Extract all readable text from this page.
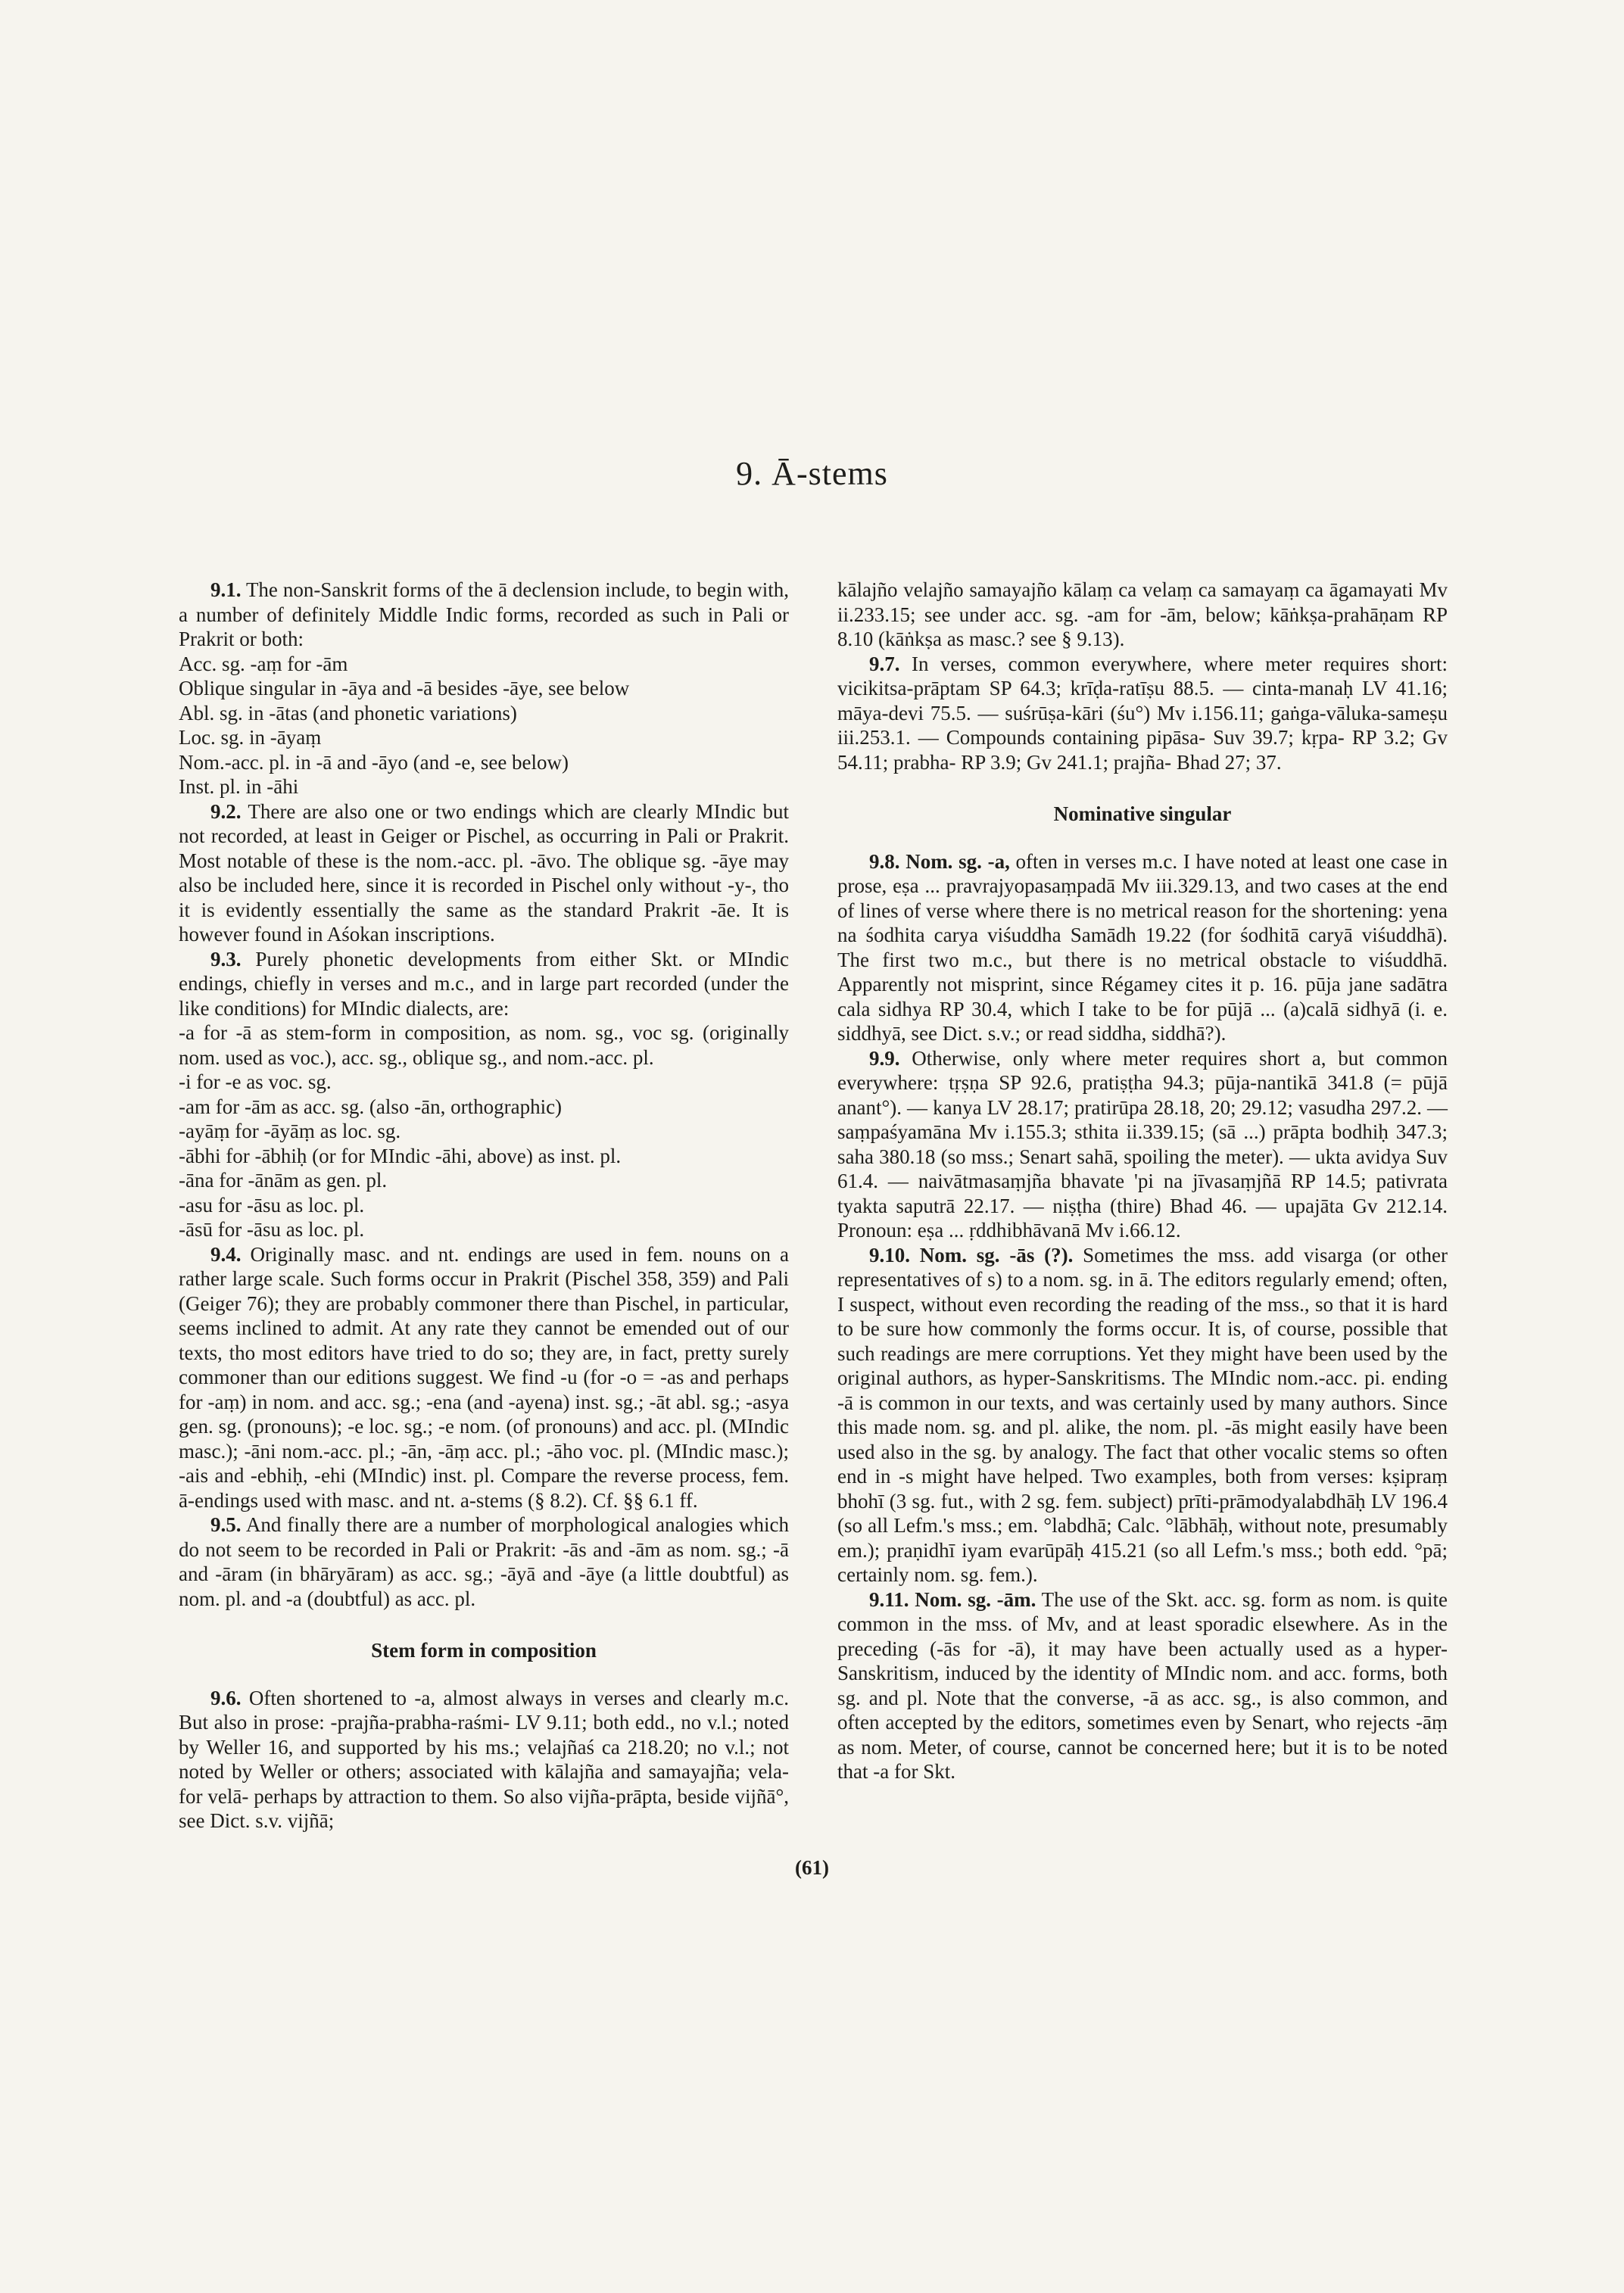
9. Ā-stems

9.1. The non-Sanskrit forms of the ā declension include, to begin with, a number of definitely Middle Indic forms, recorded as such in Pali or Prakrit or both:

Acc. sg. -aṃ for -ām

Oblique singular in -āya and -ā besides -āye, see below

Abl. sg. in -ātas (and phonetic variations)

Loc. sg. in -āyaṃ

Nom.-acc. pl. in -ā and -āyo (and -e, see below)

Inst. pl. in -āhi

9.2. There are also one or two endings which are clearly MIndic but not recorded, at least in Geiger or Pischel, as occurring in Pali or Prakrit. Most notable of these is the nom.-acc. pl. -āvo. The oblique sg. -āye may also be included here, since it is recorded in Pischel only without -y-, tho it is evidently essentially the same as the standard Prakrit -āe. It is however found in Aśokan inscriptions.

9.3. Purely phonetic developments from either Skt. or MIndic endings, chiefly in verses and m.c., and in large part recorded (under the like conditions) for MIndic dialects, are:

-a for -ā as stem-form in composition, as nom. sg., voc sg. (originally nom. used as voc.), acc. sg., oblique sg., and nom.-acc. pl.

-i for -e as voc. sg.

-am for -ām as acc. sg. (also -ān, orthographic)

-ayāṃ for -āyāṃ as loc. sg.

-ābhi for -ābhiḥ (or for MIndic -āhi, above) as inst. pl.

-āna for -ānām as gen. pl.

-asu for -āsu as loc. pl.

-āsū for -āsu as loc. pl.

9.4. Originally masc. and nt. endings are used in fem. nouns on a rather large scale. Such forms occur in Prakrit (Pischel 358, 359) and Pali (Geiger 76); they are probably commoner there than Pischel, in particular, seems inclined to admit. At any rate they cannot be emended out of our texts, tho most editors have tried to do so; they are, in fact, pretty surely commoner than our editions suggest. We find -u (for -o = -as and perhaps for -aṃ) in nom. and acc. sg.; -ena (and -ayena) inst. sg.; -āt abl. sg.; -asya gen. sg. (pronouns); -e loc. sg.; -e nom. (of pronouns) and acc. pl. (MIndic masc.); -āni nom.-acc. pl.; -ān, -āṃ acc. pl.; -āho voc. pl. (MIndic masc.); -ais and -ebhiḥ, -ehi (MIndic) inst. pl. Compare the reverse process, fem. ā-endings used with masc. and nt. a-stems (§ 8.2). Cf. §§ 6.1 ff.

9.5. And finally there are a number of morphological analogies which do not seem to be recorded in Pali or Prakrit: -ās and -ām as nom. sg.; -ā and -āram (in bhāryāram) as acc. sg.; -āyā and -āye (a little doubtful) as nom. pl. and -a (doubtful) as acc. pl.

Stem form in composition

9.6. Often shortened to -a, almost always in verses and clearly m.c. But also in prose: -prajña-prabha-raśmi- LV 9.11; both edd., no v.l.; noted by Weller 16, and supported by his ms.; velajñaś ca 218.20; no v.l.; not noted by Weller or others; associated with kālajña and samayajña; vela- for velā- perhaps by attraction to them. So also vijña-prāpta, beside vijñā°, see Dict. s.v. vijñā;

kālajño velajño samayajño kālaṃ ca velaṃ ca samayaṃ ca āgamayati Mv ii.233.15; see under acc. sg. -am for -ām, below; kāṅkṣa-prahāṇam RP 8.10 (kāṅkṣa as masc.? see § 9.13).

9.7. In verses, common everywhere, where meter requires short: vicikitsa-prāptam SP 64.3; krīḍa-ratīṣu 88.5. — cinta-manaḥ LV 41.16; māya-devi 75.5. — suśrūṣa-kāri (śu°) Mv i.156.11; gaṅga-vāluka-sameṣu iii.253.1. — Compounds containing pipāsa- Suv 39.7; kṛpa- RP 3.2; Gv 54.11; prabha- RP 3.9; Gv 241.1; prajña- Bhad 27; 37.

Nominative singular

9.8. Nom. sg. -a, often in verses m.c. I have noted at least one case in prose, eṣa ... pravrajyopasaṃpadā Mv iii.329.13, and two cases at the end of lines of verse where there is no metrical reason for the shortening: yena na śodhita carya viśuddha Samādh 19.22 (for śodhitā caryā viśuddhā). The first two m.c., but there is no metrical obstacle to viśuddhā. Apparently not misprint, since Régamey cites it p. 16. pūja jane sadātra cala sidhya RP 30.4, which I take to be for pūjā ... (a)calā sidhyā (i. e. siddhyā, see Dict. s.v.; or read siddha, siddhā?).

9.9. Otherwise, only where meter requires short a, but common everywhere: tṛṣṇa SP 92.6, pratiṣṭha 94.3; pūja-nantikā 341.8 (= pūjā anant°). — kanya LV 28.17; pratirūpa 28.18, 20; 29.12; vasudha 297.2. — saṃpaśyamāna Mv i.155.3; sthita ii.339.15; (sā ...) prāpta bodhiḥ 347.3; saha 380.18 (so mss.; Senart sahā, spoiling the meter). — ukta avidya Suv 61.4. — naivātmasaṃjña bhavate 'pi na jīvasaṃjñā RP 14.5; pativrata tyakta saputrā 22.17. — niṣṭha (thire) Bhad 46. — upajāta Gv 212.14. Pronoun: eṣa ... ṛddhibhāvanā Mv i.66.12.

9.10. Nom. sg. -ās (?). Sometimes the mss. add visarga (or other representatives of s) to a nom. sg. in ā. The editors regularly emend; often, I suspect, without even recording the reading of the mss., so that it is hard to be sure how commonly the forms occur. It is, of course, possible that such readings are mere corruptions. Yet they might have been used by the original authors, as hyper-Sanskritisms. The MIndic nom.-acc. pi. ending -ā is common in our texts, and was certainly used by many authors. Since this made nom. sg. and pl. alike, the nom. pl. -ās might easily have been used also in the sg. by analogy. The fact that other vocalic stems so often end in -s might have helped. Two examples, both from verses: kṣipraṃ bhohī (3 sg. fut., with 2 sg. fem. subject) prīti-prāmodyalabdhāḥ LV 196.4 (so all Lefm.'s mss.; em. °labdhā; Calc. °lābhāḥ, without note, presumably em.); praṇidhī iyam evarūpāḥ 415.21 (so all Lefm.'s mss.; both edd. °pā; certainly nom. sg. fem.).

9.11. Nom. sg. -ām. The use of the Skt. acc. sg. form as nom. is quite common in the mss. of Mv, and at least sporadic elsewhere. As in the preceding (-ās for -ā), it may have been actually used as a hyper-Sanskritism, induced by the identity of MIndic nom. and acc. forms, both sg. and pl. Note that the converse, -ā as acc. sg., is also common, and often accepted by the editors, sometimes even by Senart, who rejects -āṃ as nom. Meter, of course, cannot be concerned here; but it is to be noted that -a for Skt.

(61)
